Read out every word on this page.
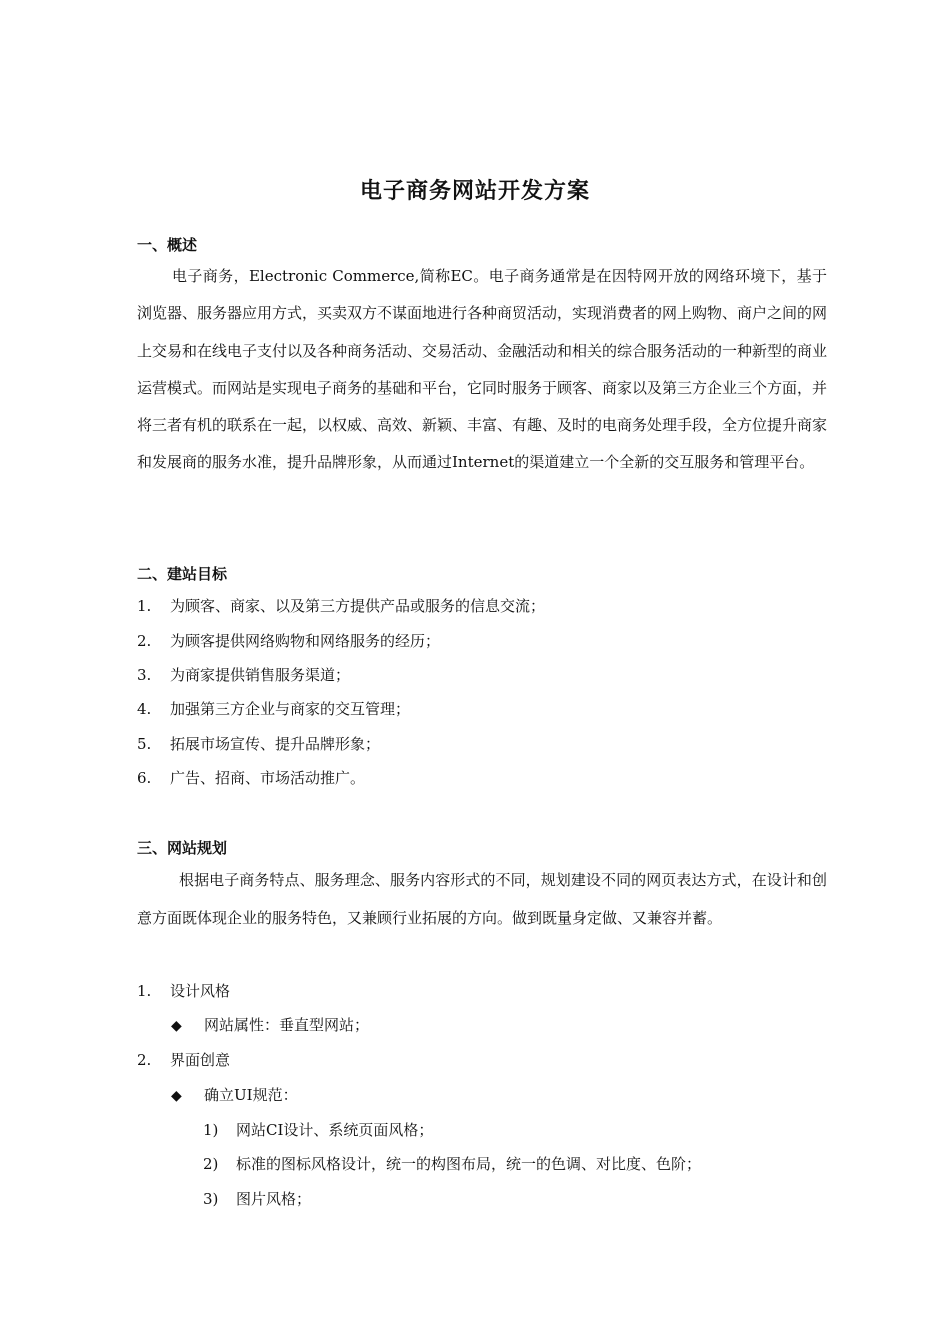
电子商务网站开发方案
一、概述

电子商务，Electronic Commerce,简称EC。电子商务通常是在因特网开放的网络环境下，基于浏览器、服务器应用方式，买卖双方不谋面地进行各种商贸活动，实现消费者的网上购物、商户之间的网上交易和在线电子支付以及各种商务活动、交易活动、金融活动和相关的综合服务活动的一种新型的商业运营模式。而网站是实现电子商务的基础和平台，它同时服务于顾客、商家以及第三方企业三个方面，并将三者有机的联系在一起，以权威、高效、新颖、丰富、有趣、及时的电商务处理手段，全方位提升商家和发展商的服务水准，提升品牌形象，从而通过Internet的渠道建立一个全新的交互服务和管理平台。

二、建站目标
1. 为顾客、商家、以及第三方提供产品或服务的信息交流；
2. 为顾客提供网络购物和网络服务的经历；
3. 为商家提供销售服务渠道；
4. 加强第三方企业与商家的交互管理；
5. 拓展市场宣传、提升品牌形象；
6. 广告、招商、市场活动推广。
三、网站规划

根据电子商务特点、服务理念、服务内容形式的不同，规划建设不同的网页表达方式，在设计和创意方面既体现企业的服务特色，又兼顾行业拓展的方向。做到既量身定做、又兼容并蓄。

1. 设计风格
◆ 网站属性：垂直型网站；
2. 界面创意
◆ 确立UI规范：
1) 网站CI设计、系统页面风格；
2) 标准的图标风格设计，统一的构图布局，统一的色调、对比度、色阶；
3) 图片风格；
